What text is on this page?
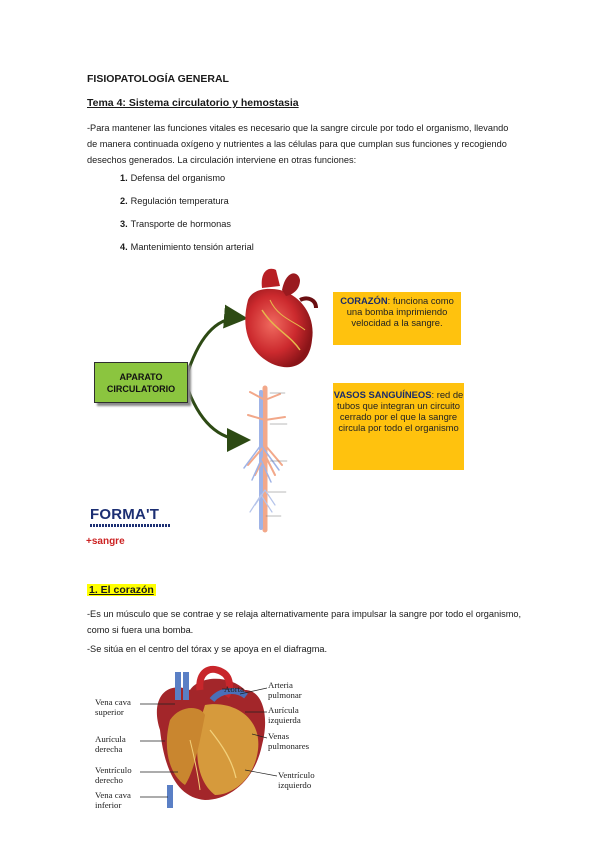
FISIOPATOLOGÍA GENERAL
Tema 4: Sistema circulatorio y hemostasia
-Para mantener las funciones vitales es necesario que la sangre circule por todo el organismo, llevando de manera continuada oxígeno y nutrientes a las células para que cumplan sus funciones y recogiendo desechos generados. La circulación interviene en otras funciones:
1. Defensa del organismo
2. Regulación temperatura
3. Transporte de hormonas
4. Mantenimiento tensión arterial
APARATO
CIRCULATORIO
CORAZÓN: funciona como una bomba imprimiendo velocidad a la sangre.
VASOS SANGUÍNEOS: red de tubos que integran un circuito cerrado por el que la sangre circula por todo el organismo
FORMA'T
+sangre
1. El corazón
-Es un músculo que se contrae y se relaja alternativamente para impulsar la sangre por todo el organismo, como si fuera una bomba.
-Se sitúa en el centro del tórax y se apoya en el diafragma.
Vena cava
superior
Aurícula
derecha
Ventrículo
derecho
Vena cava
inferior
Aorta	Arteria
pulmonar
Aurícula
izquierda
Venas
pulmonares
Ventrículo
izquierdo
